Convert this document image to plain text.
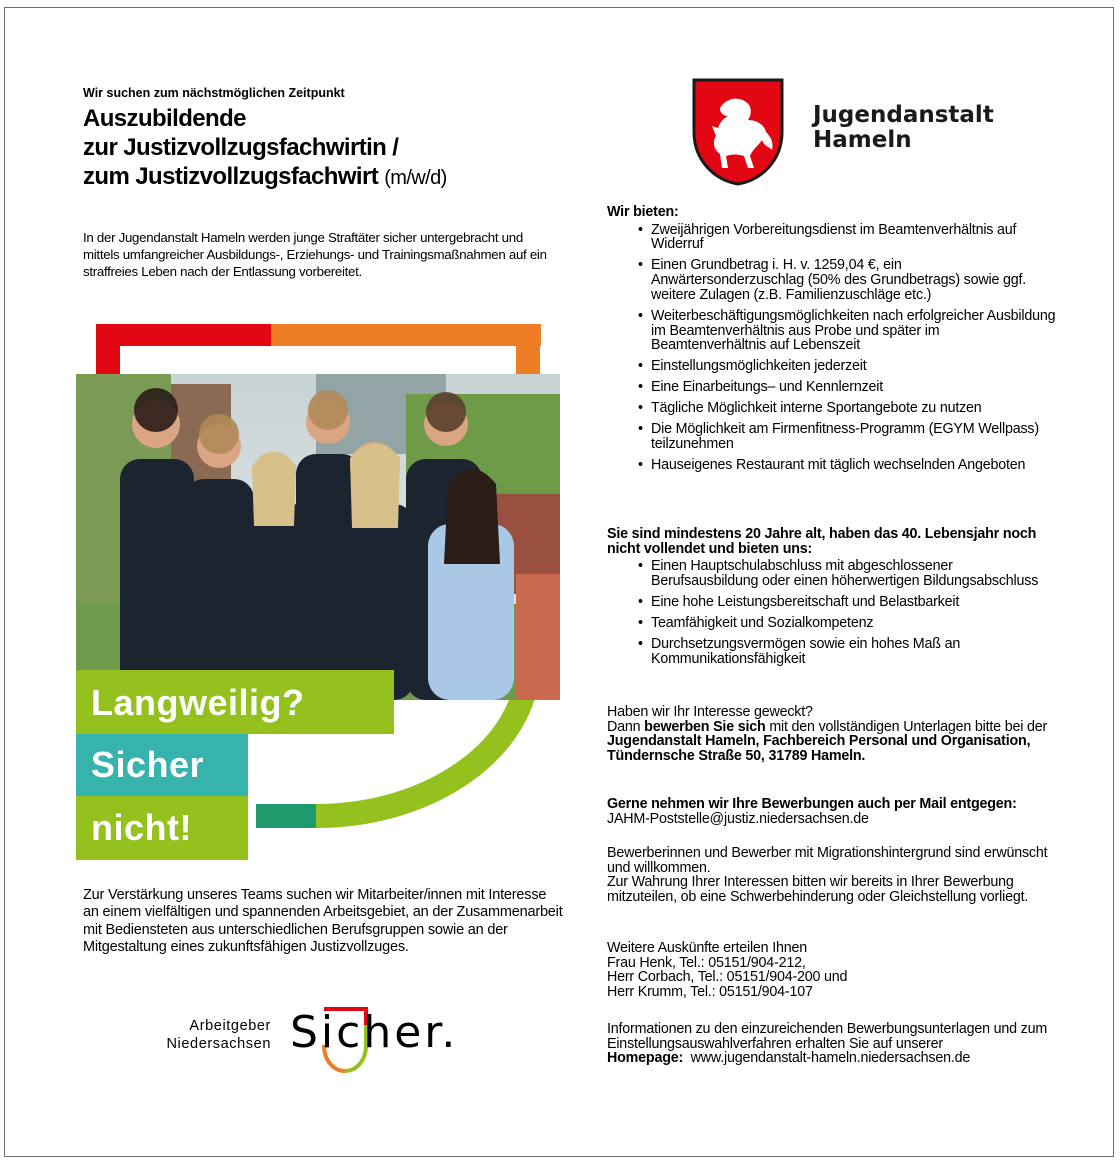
Wir suchen zum nächstmöglichen Zeitpunkt
Auszubildende
zur Justizvollzugsfachwirtin /
zum Justizvollzugsfachwirt (m/w/d)
In der Jugendanstalt Hameln werden junge Straftäter sicher untergebracht und mittels umfangreicher Ausbildungs-, Erziehungs- und Trainingsmaßnahmen auf ein straffreies Leben nach der Entlassung vorbereitet.
Langweilig?
Sicher
nicht!
Zur Verstärkung unseres Teams suchen wir Mitarbeiter/innen mit Interesse an einem vielfältigen und spannenden Arbeitsgebiet, an der Zusammenarbeit mit Bediensteten aus unterschiedlichen Berufsgruppen sowie an der Mitgestaltung eines zukunftsfähigen Justizvollzuges.
Arbeitgeber
Niedersachsen Sicher.
Jugendanstalt
Hameln
Wir bieten:
• Zweijährigen Vorbereitungsdienst im Beamtenverhältnis auf Widerruf
• Einen Grundbetrag i. H. v. 1259,04 €, ein Anwärtersonderzuschlag (50% des Grundbetrags) sowie ggf. weitere Zulagen (z.B. Familienzuschläge etc.)
• Weiterbeschäftigungsmöglichkeiten nach erfolgreicher Ausbildung im Beamtenverhältnis aus Probe und später im Beamtenverhältnis auf Lebenszeit
• Einstellungsmöglichkeiten jederzeit
• Eine Einarbeitungs– und Kennlernzeit
• Tägliche Möglichkeit interne Sportangebote zu nutzen
• Die Möglichkeit am Firmenfitness-Programm (EGYM Wellpass) teilzunehmen
• Hauseigenes Restaurant mit täglich wechselnden Angeboten
Sie sind mindestens 20 Jahre alt, haben das 40. Lebensjahr noch nicht vollendet und bieten uns:
• Einen Hauptschulabschluss mit abgeschlossener Berufsausbildung oder einen höherwertigen Bildungsabschluss
• Eine hohe Leistungsbereitschaft und Belastbarkeit
• Teamfähigkeit und Sozialkompetenz
• Durchsetzungsvermögen sowie ein hohes Maß an Kommunikationsfähigkeit
Haben wir Ihr Interesse geweckt?
Dann bewerben Sie sich mit den vollständigen Unterlagen bitte bei der
Jugendanstalt Hameln, Fachbereich Personal und Organisation, Tündernsche Straße 50, 31789 Hameln.
Gerne nehmen wir Ihre Bewerbungen auch per Mail entgegen: JAHM-Poststelle@justiz.niedersachsen.de
Bewerberinnen und Bewerber mit Migrationshintergrund sind erwünscht und willkommen.
Zur Wahrung Ihrer Interessen bitten wir bereits in Ihrer Bewerbung mitzuteilen, ob eine Schwerbehinderung oder Gleichstellung vorliegt.
Weitere Auskünfte erteilen Ihnen
Frau Henk, Tel.: 05151/904-212,
Herr Corbach, Tel.: 05151/904-200 und
Herr Krumm, Tel.: 05151/904-107
Informationen zu den einzureichenden Bewerbungsunterlagen und zum Einstellungsauswahlverfahren erhalten Sie auf unserer
Homepage: www.jugendanstalt-hameln.niedersachsen.de
